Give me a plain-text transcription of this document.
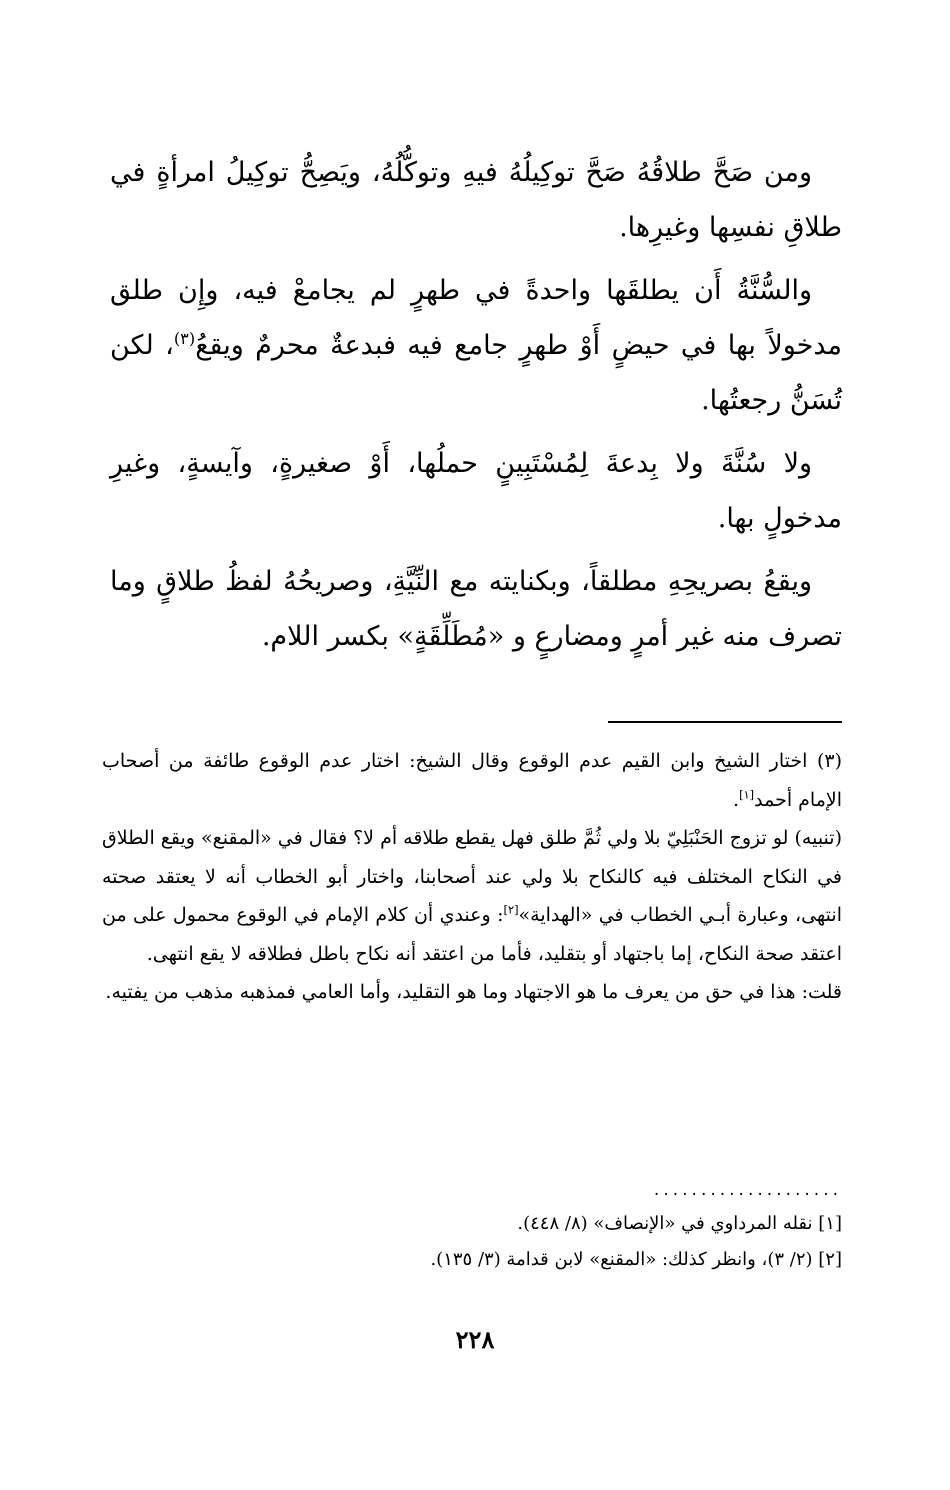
ومن صَحَّ طلاقُهُ صَحَّ توكِيلُهُ فيهِ وتوكُّلُهُ، ويَصِحُّ توكِيلُ امرأةٍ في طلاقِ نفسِها وغيرِها.

والسُّنَّةُ أَن يطلقَها واحدةً في طهرٍ لم يجامعْ فيه، وإِن طلق مدخولاً بها في حيضٍ أَوْ طهرٍ جامع فيه فبدعةٌ محرمٌ ويقعُ$^{(٣)}$، لكن تُسَنُّ رجعتُها.

ولا سُنَّةَ ولا بِدعةَ لِمُسْتَبِينٍ حملُها، أَوْ صغيرةٍ، وآيسةٍ، وغيرِ مدخولٍ بها.

ويقعُ بصريحِهِ مطلقاً، وبكنايته مع النِّيَّةِ، وصريحُهُ لفظُ طلاقٍ وما تصرف منه غير أمرٍ ومضارعٍ و «مُطَلِّقَةٍ» بكسر اللام.

(٣) اختار الشيخ وابن القيم عدم الوقوع وقال الشيخ: اختار عدم الوقوع طائفة من أصحاب الإمام أحمد[١].

(تنبيه) لو تزوج الحَنْبَلِيّ بلا ولي ثُمَّ طلق فهل يقطع طلاقه أم لا؟ فقال في «المقنع» ويقع الطلاق في النكاح المختلف فيه كالنكاح بلا ولي عند أصحابنا، واختار أبو الخطاب أنه لا يعتقد صحته انتهى، وعبارة أبـي الخطاب في «الهداية»[٢]: وعندي أن كلام الإمام في الوقوع محمول على من اعتقد صحة النكاح، إما باجتهاد أو بتقليد، فأما من اعتقد أنه نكاح باطل فطلاقه لا يقع انتهى.

قلت: هذا في حق من يعرف ما هو الاجتهاد وما هو التقليد، وأما العامي فمذهبه مذهب من يفتيه.

....................
[١] نقله المرداوي في «الإنصاف» (٨/ ٤٤٨).
[٢] (٢/ ٣)، وانظر كذلك: «المقنع» لابن قدامة (٣/ ١٣٥).
٢٢٨
